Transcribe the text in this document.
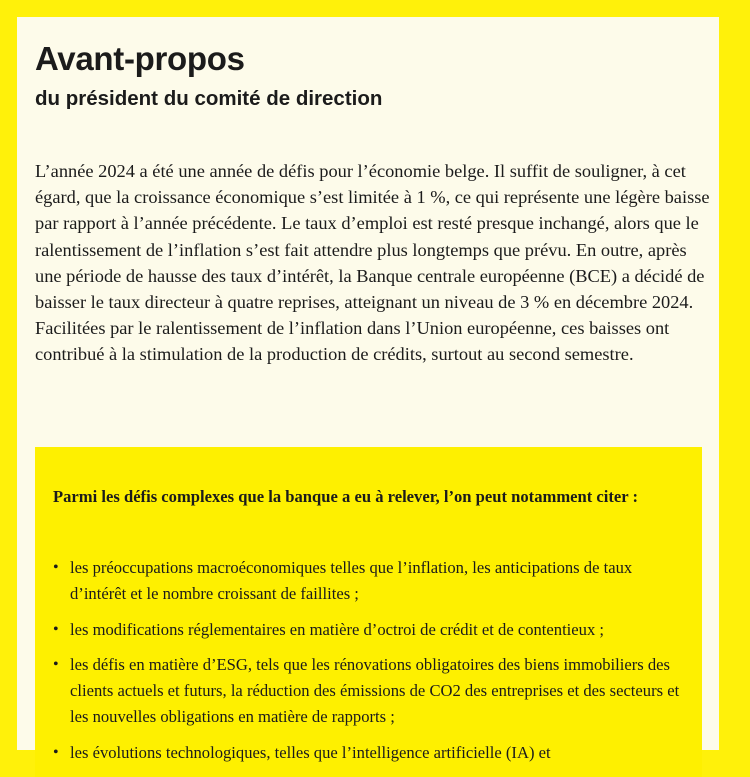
Avant-propos
du président du comité de direction

L’année 2024 a été une année de défis pour l’économie belge. Il suffit de souligner, à cet égard, que la croissance économique s’est limitée à 1 %, ce qui représente une légère baisse par rapport à l’année précédente. Le taux d’emploi est resté presque inchangé, alors que le ralentissement de l’inflation s’est fait attendre plus longtemps que prévu. En outre, après une période de hausse des taux d’intérêt, la Banque centrale européenne (BCE) a décidé de baisser le taux directeur à quatre reprises, atteignant un niveau de 3 % en décembre 2024. Facilitées par le ralentissement de l’inflation dans l’Union européenne, ces baisses ont contribué à la stimulation de la production de crédits, surtout au second semestre.

Parmi les défis complexes que la banque a eu à relever, l’on peut notamment citer :

• les préoccupations macroéconomiques telles que l’inflation, les anticipations de taux d’intérêt et le nombre croissant de faillites ;
• les modifications réglementaires en matière d’octroi de crédit et de contentieux ;
• les défis en matière d’ESG, tels que les rénovations obligatoires des biens immobiliers des clients actuels et futurs, la réduction des émissions de CO2 des entreprises et des secteurs et les nouvelles obligations en matière de rapports ;
• les évolutions technologiques, telles que l’intelligence artificielle (IA) et
